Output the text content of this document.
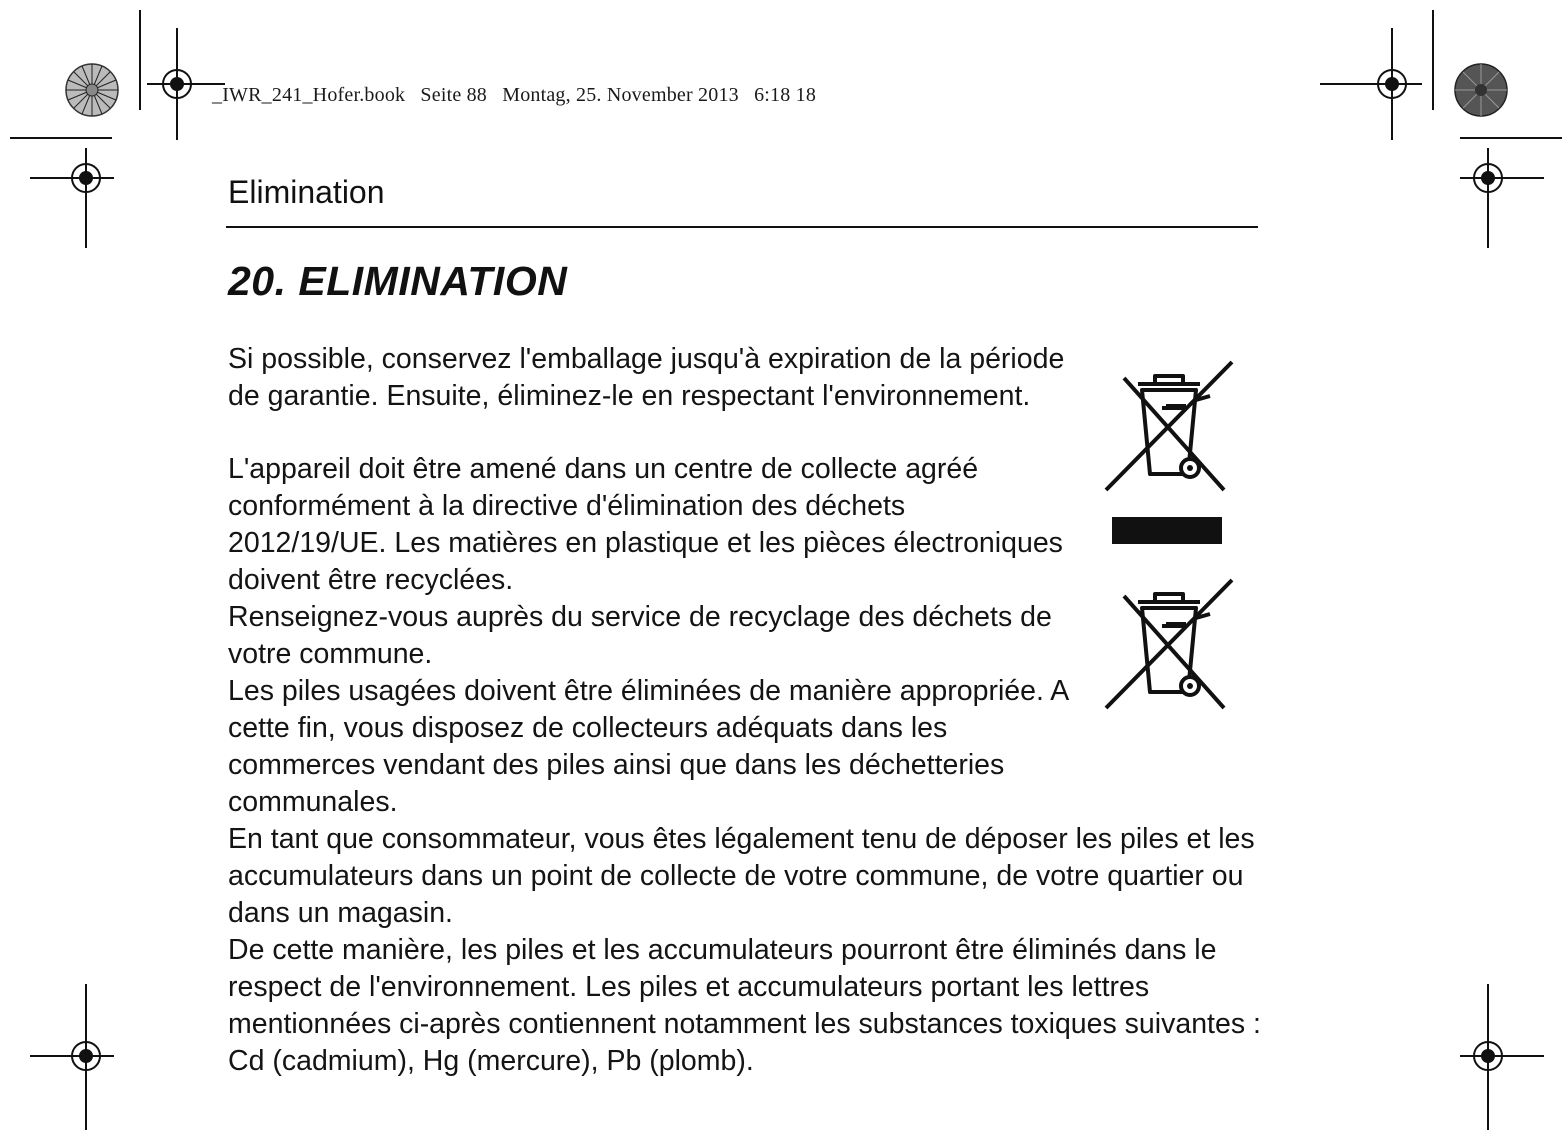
_IWR_241_Hofer.book Seite 88 Montag, 25. November 2013 6:18 18
Elimination
20. ELIMINATION

Si possible, conservez l'emballage jusqu'à expiration de la période de garantie. Ensuite, éliminez-le en respectant l'environnement.

L'appareil doit être amené dans un centre de collecte agréé conformément à la directive d'élimination des déchets 2012/19/UE. Les matières en plastique et les pièces électroniques doivent être recyclées.

Renseignez-vous auprès du service de recyclage des déchets de votre commune.

Les piles usagées doivent être éliminées de manière appropriée. A cette fin, vous disposez de collecteurs adéquats dans les commerces vendant des piles ainsi que dans les déchetteries communales.

En tant que consommateur, vous êtes légalement tenu de déposer les piles et les accumulateurs dans un point de collecte de votre commune, de votre quartier ou dans un magasin.

De cette manière, les piles et les accumulateurs pourront être éliminés dans le respect de l'environnement. Les piles et accumulateurs portant les lettres mentionnées ci-après contiennent notamment les substances toxiques suivantes : Cd (cadmium), Hg (mercure), Pb (plomb).
